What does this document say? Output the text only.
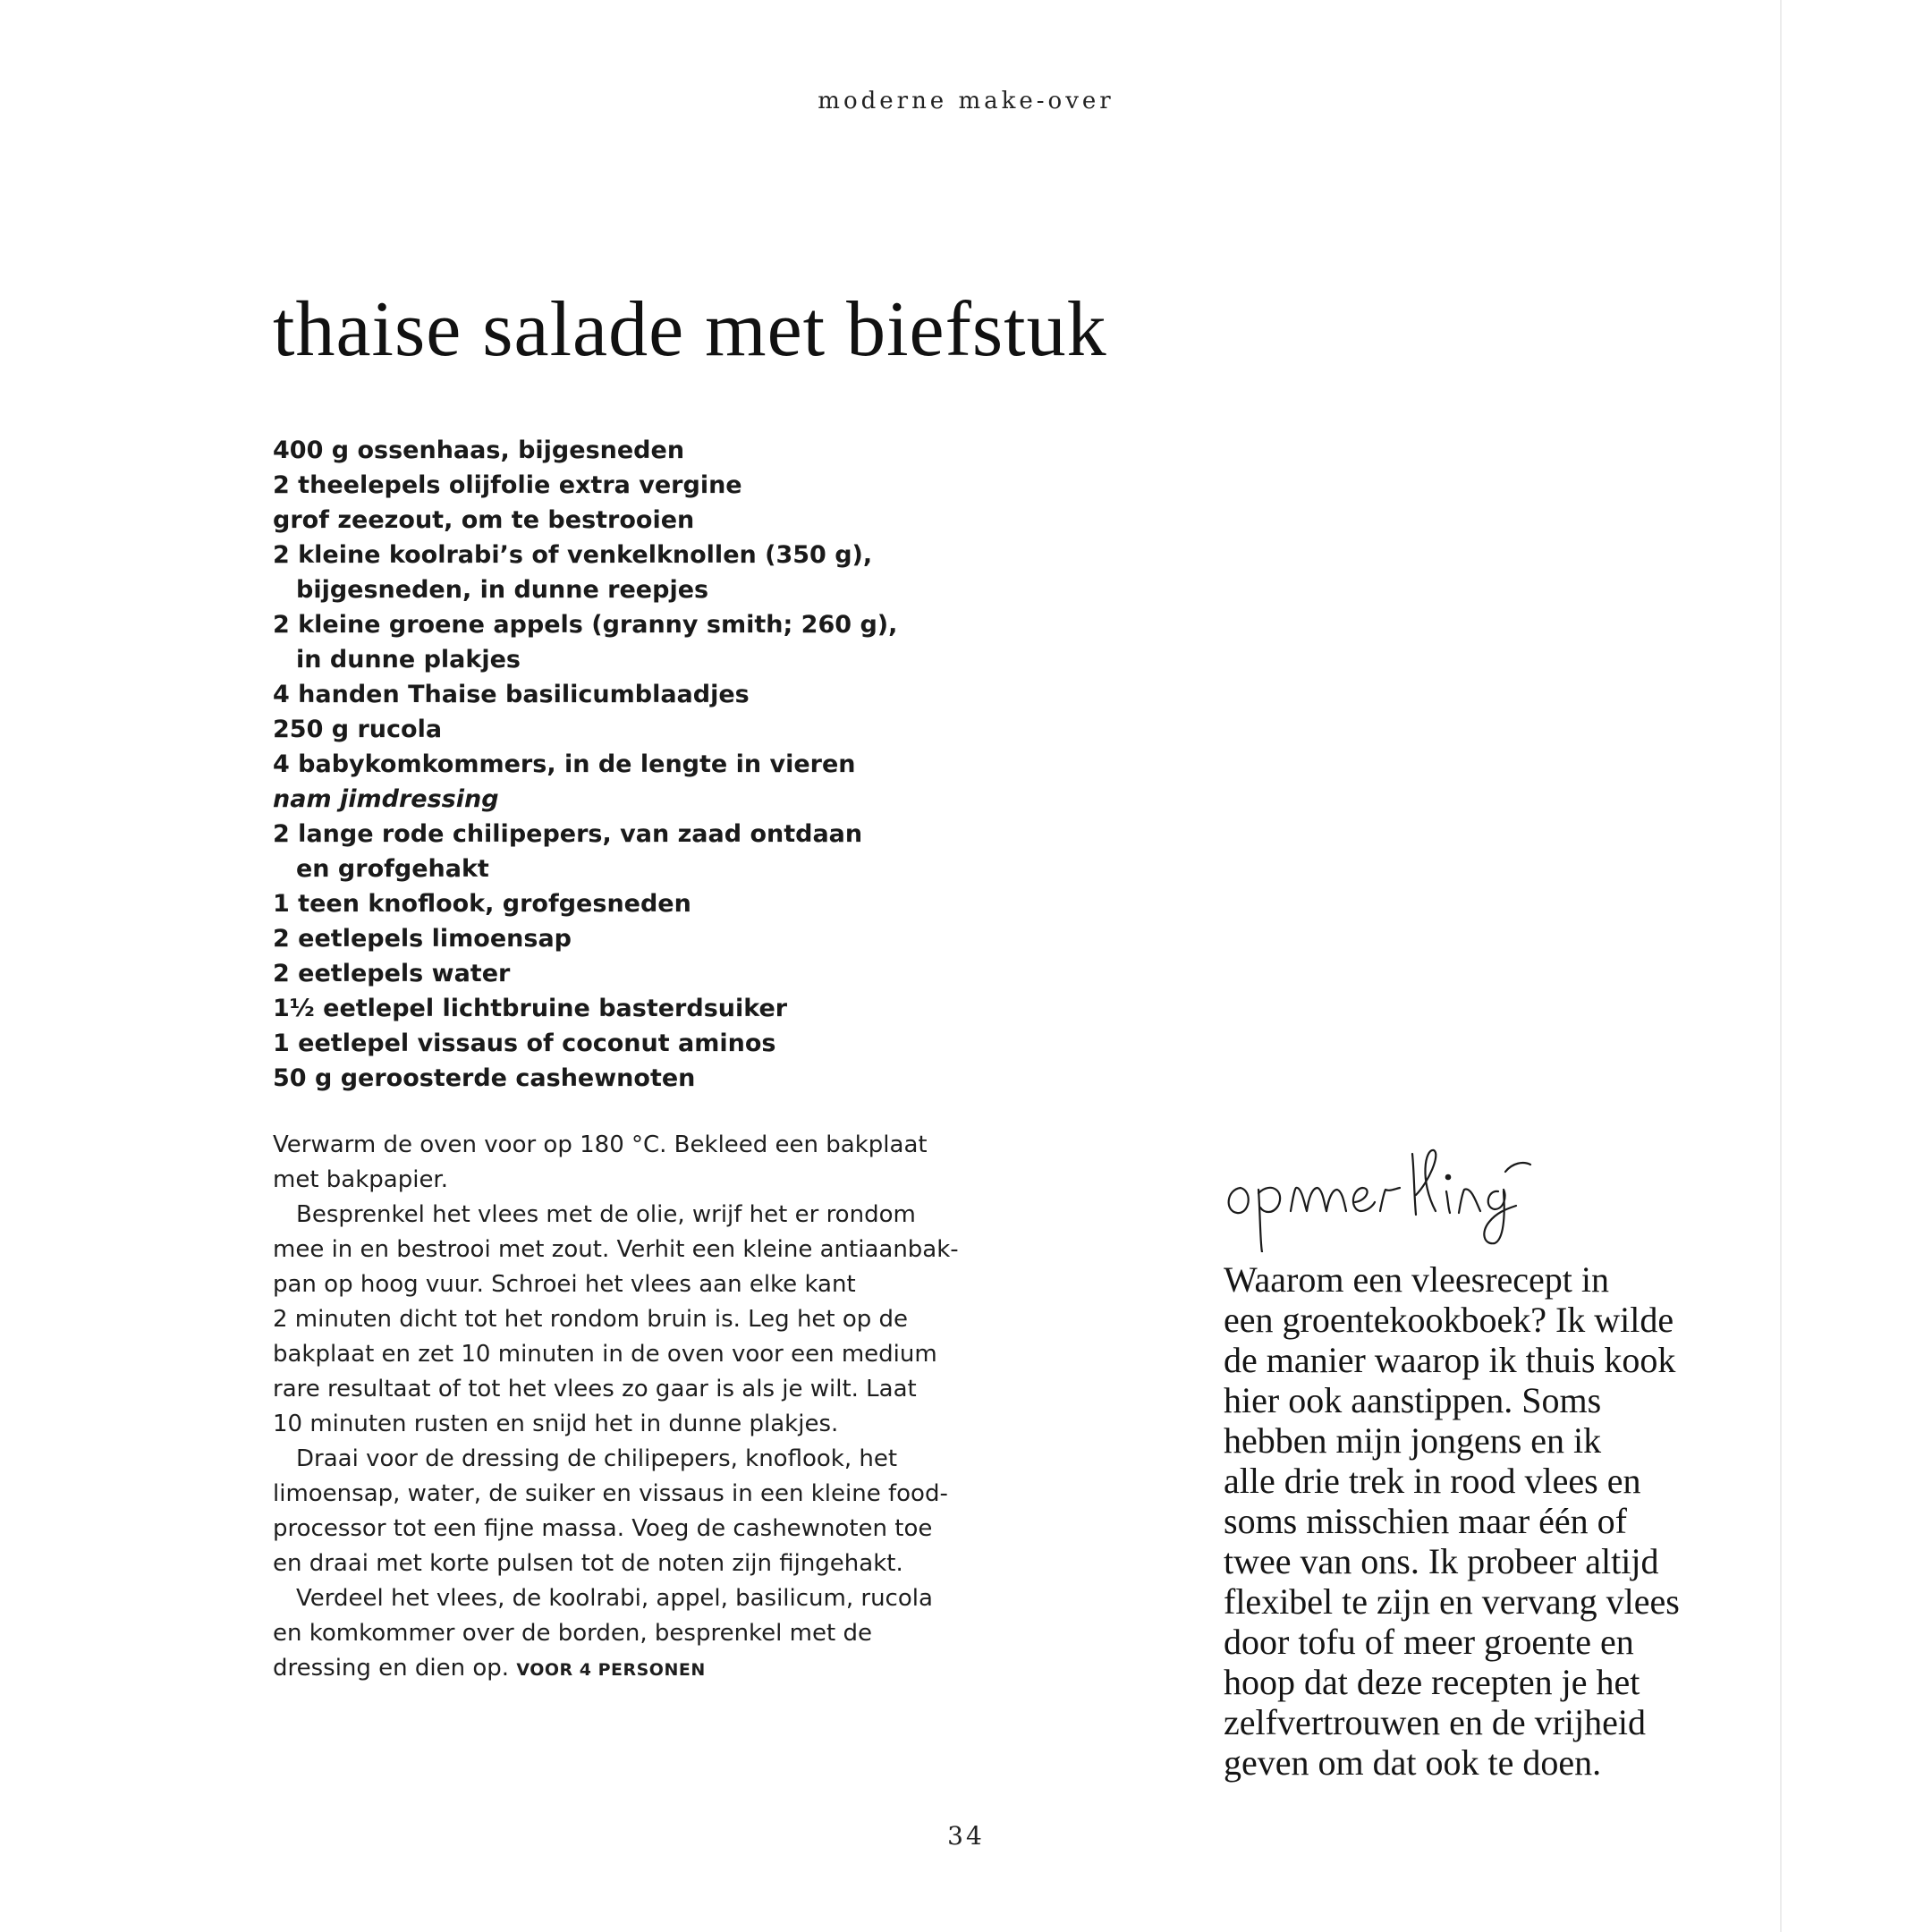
moderne make-over
thaise salade met biefstuk
400 g ossenhaas, bijgesneden
2 theelepels olijfolie extra vergine
grof zeezout, om te bestrooien
2 kleine koolrabi’s of venkelknollen (350 g),
bijgesneden, in dunne reepjes
2 kleine groene appels (granny smith; 260 g),
in dunne plakjes
4 handen Thaise basilicumblaadjes
250 g rucola
4 babykomkommers, in de lengte in vieren
nam jimdressing
2 lange rode chilipepers, van zaad ontdaan
en grofgehakt
1 teen knoflook, grofgesneden
2 eetlepels limoensap
2 eetlepels water
1½ eetlepel lichtbruine basterdsuiker
1 eetlepel vissaus of coconut aminos
50 g geroosterde cashewnoten

Verwarm de oven voor op 180 °C. Bekleed een bakplaat

met bakpapier.

Besprenkel het vlees met de olie, wrijf het er rondom

mee in en bestrooi met zout. Verhit een kleine antiaanbak-

pan op hoog vuur. Schroei het vlees aan elke kant

2 minuten dicht tot het rondom bruin is. Leg het op de

bakplaat en zet 10 minuten in de oven voor een medium

rare resultaat of tot het vlees zo gaar is als je wilt. Laat

10 minuten rusten en snijd het in dunne plakjes.

Draai voor de dressing de chilipepers, knoflook, het

limoensap, water, de suiker en vissaus in een kleine food-

processor tot een fijne massa. Voeg de cashewnoten toe

en draai met korte pulsen tot de noten zijn fijngehakt.

Verdeel het vlees, de koolrabi, appel, basilicum, rucola

en komkommer over de borden, besprenkel met de

dressing en dien op. VOOR 4 PERSONEN

Waarom een vleesrecept in

een groentekookboek? Ik wilde

de manier waarop ik thuis kook

hier ook aanstippen. Soms

hebben mijn jongens en ik

alle drie trek in rood vlees en

soms misschien maar één of

twee van ons. Ik probeer altijd

flexibel te zijn en vervang vlees

door tofu of meer groente en

hoop dat deze recepten je het

zelfvertrouwen en de vrijheid

geven om dat ook te doen.

34
